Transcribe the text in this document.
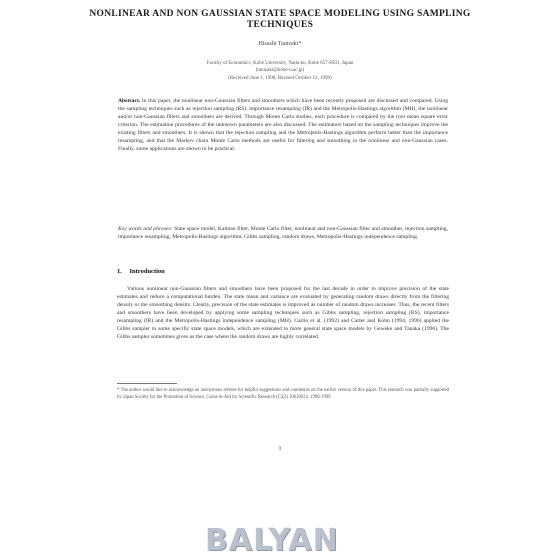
NONLINEAR AND NON GAUSSIAN STATE SPACE MODELING USING SAMPLING TECHNIQUES
Hisashi Tanizaki*
Faculty of Economics, Kobe University, Nada-ku, Kobe 657-8501, Japan
(tanizaki@kobe-u.ac.jp)
(Received June 1, 1998; Revised October 12, 1999)
Abstract. In this paper, the nonlinear non-Gaussian filters and smoothers which have been recently proposed are discussed and compared. Using the sampling techniques such as rejection sampling (RS), importance resampling (IR) and the Metropolis-Hastings algorithm (MH), the nonlinear and/or non-Gaussian filters and smoothers are derived. Through Monte Carlo studies, each procedure is compared by the root mean square error criterion. The estimation procedures of the unknown parameters are also discussed. The estimators based on the sampling techniques improve the existing filters and smoothers. It is shown that the rejection sampling and the Metropolis-Hastings algorithm perform better than the importance resampling, and that the Markov chain Monte Carlo methods are useful for filtering and smoothing in the nonlinear and non-Gaussian cases. Finally, some applications are shown to be practical.
Key words and phrases: State space model, Kalman filter, Monte Carlo filter, nonlinear and non-Gaussian filter and smoother, rejection sampling, importance resampling, Metropolis-Hastings algorithm, Gibbs sampling, random draws, Metropolis-Hastings independence sampling.
1. Introduction
Various nonlinear non-Gaussian filters and smoothers have been proposed for the last decade in order to improve precision of the state estimates and reduce a computational burden. The state mean and variance are evaluated by generating random draws directly from the filtering density or the smoothing density. Clearly, precision of the state estimates is improved as number of random draws increases. Thus, the recent filters and smoothers have been developed by applying some sampling techniques such as Gibbs sampling, rejection sampling (RS), importance resampling (IR) and the Metropolis-Hastings independence sampling (MH). Carlin et al. (1992) and Carter and Kohn (1994, 1996) applied the Gibbs sampler to some specific state space models, which are extended to more general state space models by Geweke and Tanaka (1996). The Gibbs sampler sometimes gives us the case where the random draws are highly correlated.
* The author would like to acknowledge an anonymous referee for helpful suggestions and comments on the earlier version of this paper. This research was partially supported by Japan Society for the Promotion of Science, Grant-in-Aid for Scientific Research (C)(2) 10630024, 1998-1999.
1
BALYAN
